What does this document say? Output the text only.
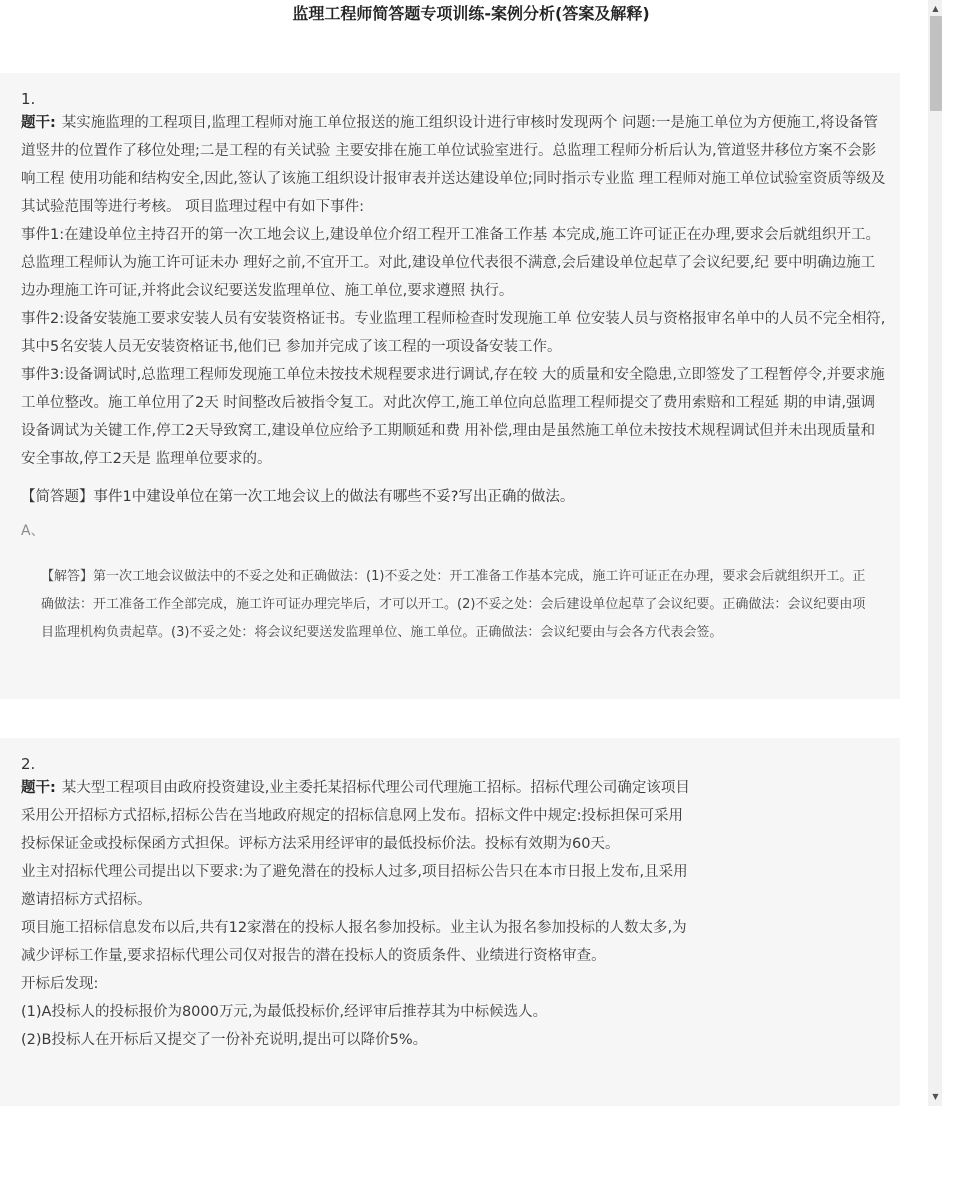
监理工程师简答题专项训练-案例分析(答案及解释)
1.

题干: 某实施监理的工程项目,监理工程师对施工单位报送的施工组织设计进行审核时发现两个 问题:一是施工单位为方便施工,将设备管道竖井的位置作了移位处理;二是工程的有关试验 主要安排在施工单位试验室进行。总监理工程师分析后认为,管道竖井移位方案不会影响工程 使用功能和结构安全,因此,签认了该施工组织设计报审表并送达建设单位;同时指示专业监 理工程师对施工单位试验室资质等级及其试验范围等进行考核。 项目监理过程中有如下事件:

事件1:在建设单位主持召开的第一次工地会议上,建设单位介绍工程开工准备工作基 本完成,施工许可证正在办理,要求会后就组织开工。总监理工程师认为施工许可证未办 理好之前,不宜开工。对此,建设单位代表很不满意,会后建设单位起草了会议纪要,纪 要中明确边施工边办理施工许可证,并将此会议纪要送发监理单位、施工单位,要求遵照 执行。

事件2:设备安装施工要求安装人员有安装资格证书。专业监理工程师检查时发现施工单 位安装人员与资格报审名单中的人员不完全相符,其中5名安装人员无安装资格证书,他们已 参加并完成了该工程的一项设备安装工作。

事件3:设备调试时,总监理工程师发现施工单位未按技术规程要求进行调试,存在较 大的质量和安全隐患,立即签发了工程暂停令,并要求施工单位整改。施工单位用了2天 时间整改后被指令复工。对此次停工,施工单位向总监理工程师提交了费用索赔和工程延 期的申请,强调设备调试为关键工作,停工2天导致窝工,建设单位应给予工期顺延和费 用补偿,理由是虽然施工单位未按技术规程调试但并未出现质量和安全事故,停工2天是 监理单位要求的。

【简答题】事件1中建设单位在第一次工地会议上的做法有哪些不妥?写出正确的做法。
A、
【解答】第一次工地会议做法中的不妥之处和正确做法：(1)不妥之处：开工准备工作基本完成，施工许可证正在办理，要求会后就组织开工。正确做法：开工准备工作全部完成，施工许可证办理完毕后，才可以开工。(2)不妥之处：会后建设单位起草了会议纪要。正确做法：会议纪要由项目监理机构负责起草。(3)不妥之处：将会议纪要送发监理单位、施工单位。正确做法：会议纪要由与会各方代表会签。
2.

题干: 某大型工程项目由政府投资建设,业主委托某招标代理公司代理施工招标。招标代理公司确定该项目采用公开招标方式招标,招标公告在当地政府规定的招标信息网上发布。招标文件中规定:投标担保可采用投标保证金或投标保函方式担保。评标方法采用经评审的最低投标价法。投标有效期为60天。

业主对招标代理公司提出以下要求:为了避免潜在的投标人过多,项目招标公告只在本市日报上发布,且采用邀请招标方式招标。

项目施工招标信息发布以后,共有12家潜在的投标人报名参加投标。业主认为报名参加投标的人数太多,为减少评标工作量,要求招标代理公司仅对报告的潜在投标人的资质条件、业绩进行资格审查。

开标后发现:

(1)A投标人的投标报价为8000万元,为最低投标价,经评审后推荐其为中标候选人。

(2)B投标人在开标后又提交了一份补充说明,提出可以降价5%。

▲
▼
